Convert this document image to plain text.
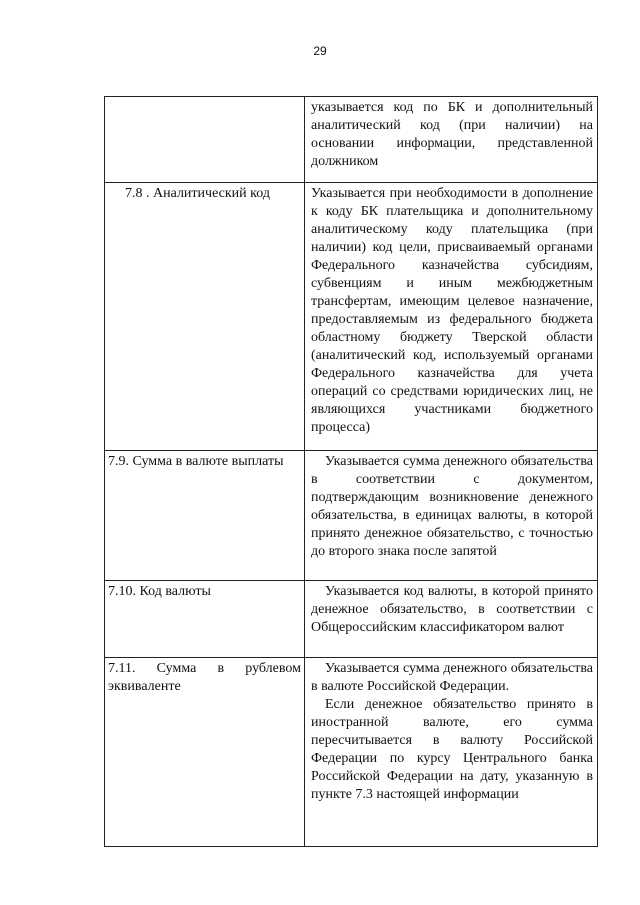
29

	указывается код по БК и дополнительный аналитический код (при наличии) на основании информации, представленной должником

7.8 . Аналитический код	Указывается при необходимости в дополнение к коду БК плательщика и дополнительному аналитическому коду плательщика (при наличии) код цели, присваиваемый органами Федерального казначейства субсидиям, субвенциям и иным межбюджетным трансфертам, имеющим целевое назначение, предоставляемым из федерального бюджета областному бюджету Тверской области (аналитический код, используемый органами Федерального казначейства для учета операций со средствами юридических лиц, не являющихся участниками бюджетного процесса)

7.9. Сумма в валюте выплаты	Указывается сумма денежного обязательства в соответствии с документом, подтверждающим возникновение денежного обязательства, в единицах валюты, в которой принято денежное обязательство, с точностью до второго знака после запятой

7.10. Код валюты	Указывается код валюты, в которой принято денежное обязательство, в соответствии с Общероссийским классификатором валют

7.11. Сумма в рублевом эквиваленте	Указывается сумма денежного обязательства в валюте Российской Федерации.

Если денежное обязательство принято в иностранной валюте, его сумма пересчитывается в валюту Российской Федерации по курсу Центрального банка Российской Федерации на дату, указанную в пункте 7.3 настоящей информации
